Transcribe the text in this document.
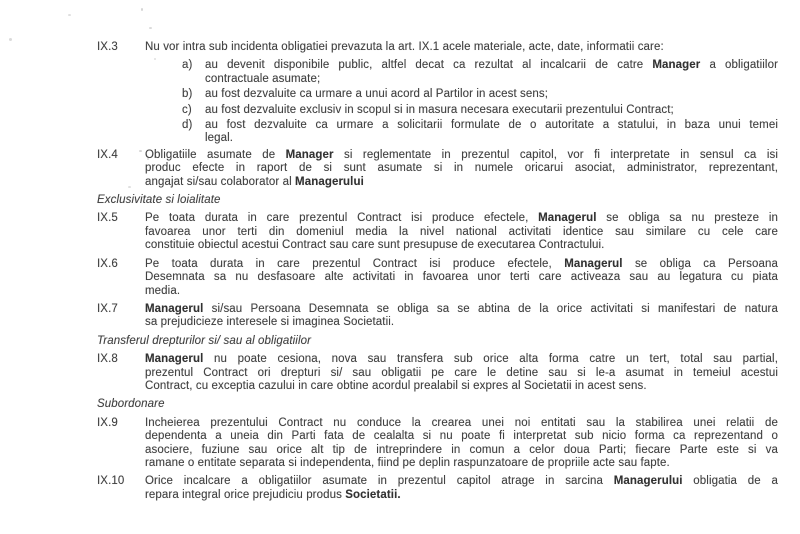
IX.3	Nu vor intra sub incidenta obligatiei prevazuta la art. IX.1 acele materiale, acte, date, informatii care:
a)	au devenit disponibile public, altfel decat ca rezultat al incalcarii de catre Manager a obligatiilor
contractuale asumate;
b)	au fost dezvaluite ca urmare a unui acord al Partilor in acest sens;
c)	au fost dezvaluite exclusiv in scopul si in masura necesara executarii prezentului Contract;
d)	au fost dezvaluite ca urmare a solicitarii formulate de o autoritate a statului, in baza unui temei
legal.
IX.4	Obligatiile asumate de Manager si reglementate in prezentul capitol, vor fi interpretate in sensul ca isi
produc efecte in raport de si sunt asumate si in numele oricarui asociat, administrator, reprezentant,
angajat si/sau colaborator al Managerului
Exclusivitate si loialitate
IX.5	Pe toata durata in care prezentul Contract isi produce efectele, Managerul se obliga sa nu presteze in
favoarea unor terti din domeniul media la nivel national activitati identice sau similare cu cele care
constituie obiectul acestui Contract sau care sunt presupuse de executarea Contractului.
IX.6	Pe toata durata in care prezentul Contract isi produce efectele, Managerul se obliga ca Persoana
Desemnata sa nu desfasoare alte activitati in favoarea unor terti care activeaza sau au legatura cu piata
media.
IX.7	Managerul si/sau Persoana Desemnata se obliga sa se abtina de la orice activitati si manifestari de natura
sa prejudicieze interesele si imaginea Societatii.
Transferul drepturilor si/ sau al obligatiilor
IX.8	Managerul nu poate cesiona, nova sau transfera sub orice alta forma catre un tert, total sau partial,
prezentul Contract ori drepturi si/ sau obligatii pe care le detine sau si le-a asumat in temeiul acestui
Contract, cu exceptia cazului in care obtine acordul prealabil si expres al Societatii in acest sens.
Subordonare
IX.9	Incheierea prezentului Contract nu conduce la crearea unei noi entitati sau la stabilirea unei relatii de
dependenta a uneia din Parti fata de cealalta si nu poate fi interpretat sub nicio forma ca reprezentand o
asociere, fuziune sau orice alt tip de intreprindere in comun a celor doua Parti; fiecare Parte este si va
ramane o entitate separata si independenta, fiind pe deplin raspunzatoare de propriile acte sau fapte.
IX.10	Orice incalcare a obligatiilor asumate in prezentul capitol atrage in sarcina Managerului obligatia de a
repara integral orice prejudiciu produs Societatii.
